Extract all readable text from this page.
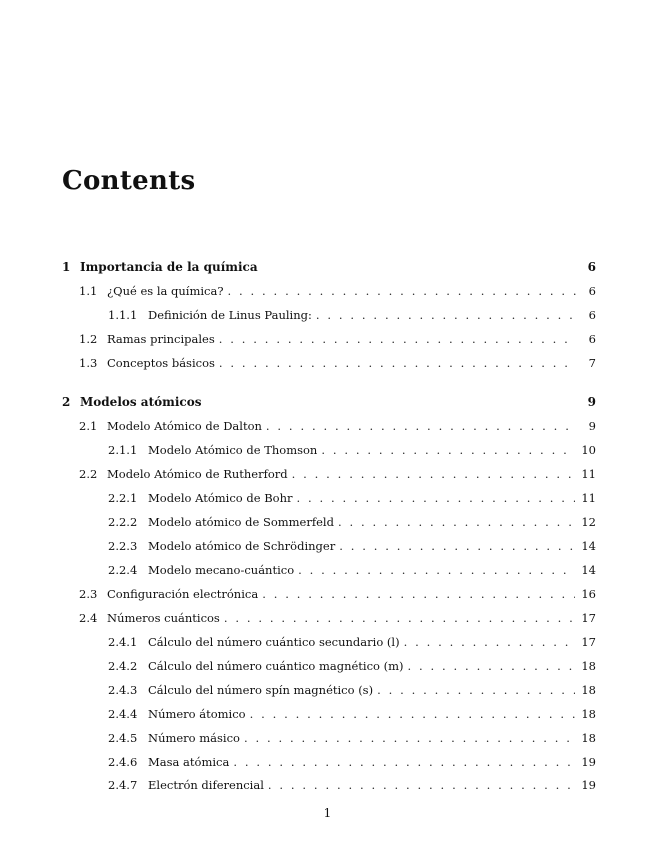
Contents
1 Importancia de la química	6
1.1 ¿Qué es la química? . . .	6
1.1.1 Definición de Linus Pauling: . . .	6
1.2 Ramas principales . . .	6
1.3 Conceptos básicos . . .	7
2 Modelos atómicos	9
2.1 Modelo Atómico de Dalton . . .	9
2.1.1 Modelo Atómico de Thomson . . .	10
2.2 Modelo Atómico de Rutherford . . .	11
2.2.1 Modelo Atómico de Bohr . . .	11
2.2.2 Modelo atómico de Sommerfeld . . .	12
2.2.3 Modelo atómico de Schrödinger . . .	14
2.2.4 Modelo mecano-cuántico . . .	14
2.3 Configuración electrónica . . .	16
2.4 Números cuánticos . . .	17
2.4.1 Cálculo del número cuántico secundario (l) . . .	17
2.4.2 Cálculo del número cuántico magnético (m) . . .	18
2.4.3 Cálculo del número spín magnético (s) . . .	18
2.4.4 Número átomico . . .	18
2.4.5 Número másico . . .	18
2.4.6 Masa atómica . . .	19
2.4.7 Electrón diferencial . . .	19
1
